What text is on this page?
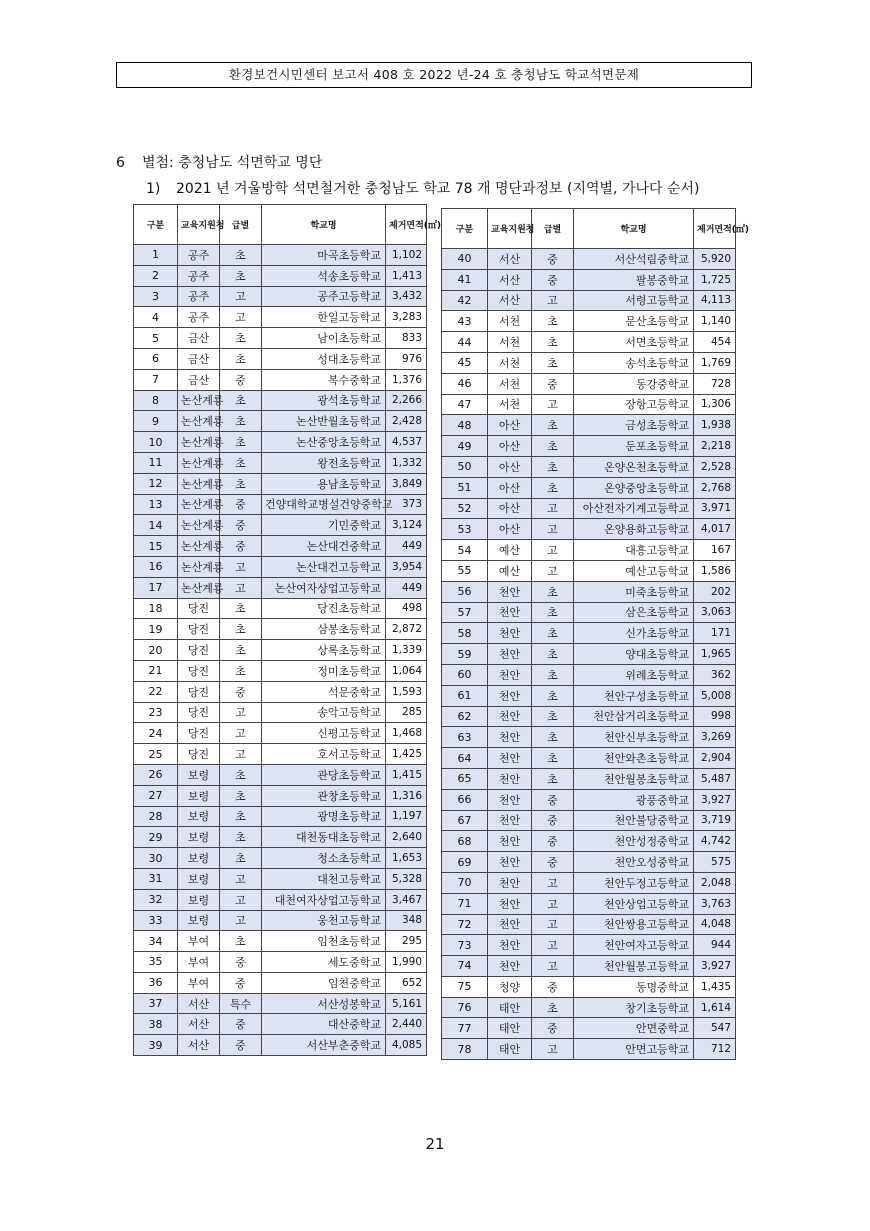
환경보건시민센터 보고서 408 호 2022 년-24 호 충청남도 학교석면문제
6 별첨: 충청남도 석면학교 명단
1) 2021 년 겨울방학 석면철거한 충청남도 학교 78 개 명단과정보 (지역별, 가나다 순서)
구분	교육지원청	급별	학교명	제거면적(㎡)
1	공주	초	마곡초등학교	1,102
2	공주	초	석송초등학교	1,413
3	공주	고	공주고등학교	3,432
4	공주	고	한일고등학교	3,283
5	금산	초	남이초등학교	833
6	금산	초	성대초등학교	976
7	금산	중	복수중학교	1,376
8	논산계룡	초	광석초등학교	2,266
9	논산계룡	초	논산반월초등학교	2,428
10	논산계룡	초	논산중앙초등학교	4,537
11	논산계룡	초	왕전초등학교	1,332
12	논산계룡	초	용남초등학교	3,849
13	논산계룡	중	건양대학교병설건양중학교	373
14	논산계룡	중	기민중학교	3,124
15	논산계룡	중	논산대건중학교	449
16	논산계룡	고	논산대건고등학교	3,954
17	논산계룡	고	논산여자상업고등학교	449
18	당진	초	당진초등학교	498
19	당진	초	삼봉초등학교	2,872
20	당진	초	상록초등학교	1,339
21	당진	초	정미초등학교	1,064
22	당진	중	석문중학교	1,593
23	당진	고	송악고등학교	285
24	당진	고	신평고등학교	1,468
25	당진	고	호서고등학교	1,425
26	보령	초	관당초등학교	1,415
27	보령	초	관창초등학교	1,316
28	보령	초	광명초등학교	1,197
29	보령	초	대천동대초등학교	2,640
30	보령	초	청소초등학교	1,653
31	보령	고	대천고등학교	5,328
32	보령	고	대천여자상업고등학교	3,467
33	보령	고	웅천고등학교	348
34	부여	초	임천초등학교	295
35	부여	중	세도중학교	1,990
36	부여	중	임천중학교	652
37	서산	특수	서산성봉학교	5,161
38	서산	중	대산중학교	2,440
39	서산	중	서산부춘중학교	4,085
구분	교육지원청	급별	학교명	제거면적(㎡)
40	서산	중	서산석림중학교	5,920
41	서산	중	팔봉중학교	1,725
42	서산	고	서령고등학교	4,113
43	서천	초	문산초등학교	1,140
44	서천	초	서면초등학교	454
45	서천	초	송석초등학교	1,769
46	서천	중	동강중학교	728
47	서천	고	장항고등학교	1,306
48	아산	초	금성초등학교	1,938
49	아산	초	둔포초등학교	2,218
50	아산	초	온양온천초등학교	2,528
51	아산	초	온양중앙초등학교	2,768
52	아산	고	아산전자기계고등학교	3,971
53	아산	고	온양용화고등학교	4,017
54	예산	고	대흥고등학교	167
55	예산	고	예산고등학교	1,586
56	천안	초	미죽초등학교	202
57	천안	초	삼은초등학교	3,063
58	천안	초	신가초등학교	171
59	천안	초	양대초등학교	1,965
60	천안	초	위례초등학교	362
61	천안	초	천안구성초등학교	5,008
62	천안	초	천안삼거리초등학교	998
63	천안	초	천안신부초등학교	3,269
64	천안	초	천안와촌초등학교	2,904
65	천안	초	천안월봉초등학교	5,487
66	천안	중	광풍중학교	3,927
67	천안	중	천안불당중학교	3,719
68	천안	중	천안성정중학교	4,742
69	천안	중	천안오성중학교	575
70	천안	고	천안두정고등학교	2,048
71	천안	고	천안상업고등학교	3,763
72	천안	고	천안쌍용고등학교	4,048
73	천안	고	천안여자고등학교	944
74	천안	고	천안월봉고등학교	3,927
75	청양	중	동명중학교	1,435
76	태안	초	창기초등학교	1,614
77	태안	중	안면중학교	547
78	태안	고	안면고등학교	712
21
